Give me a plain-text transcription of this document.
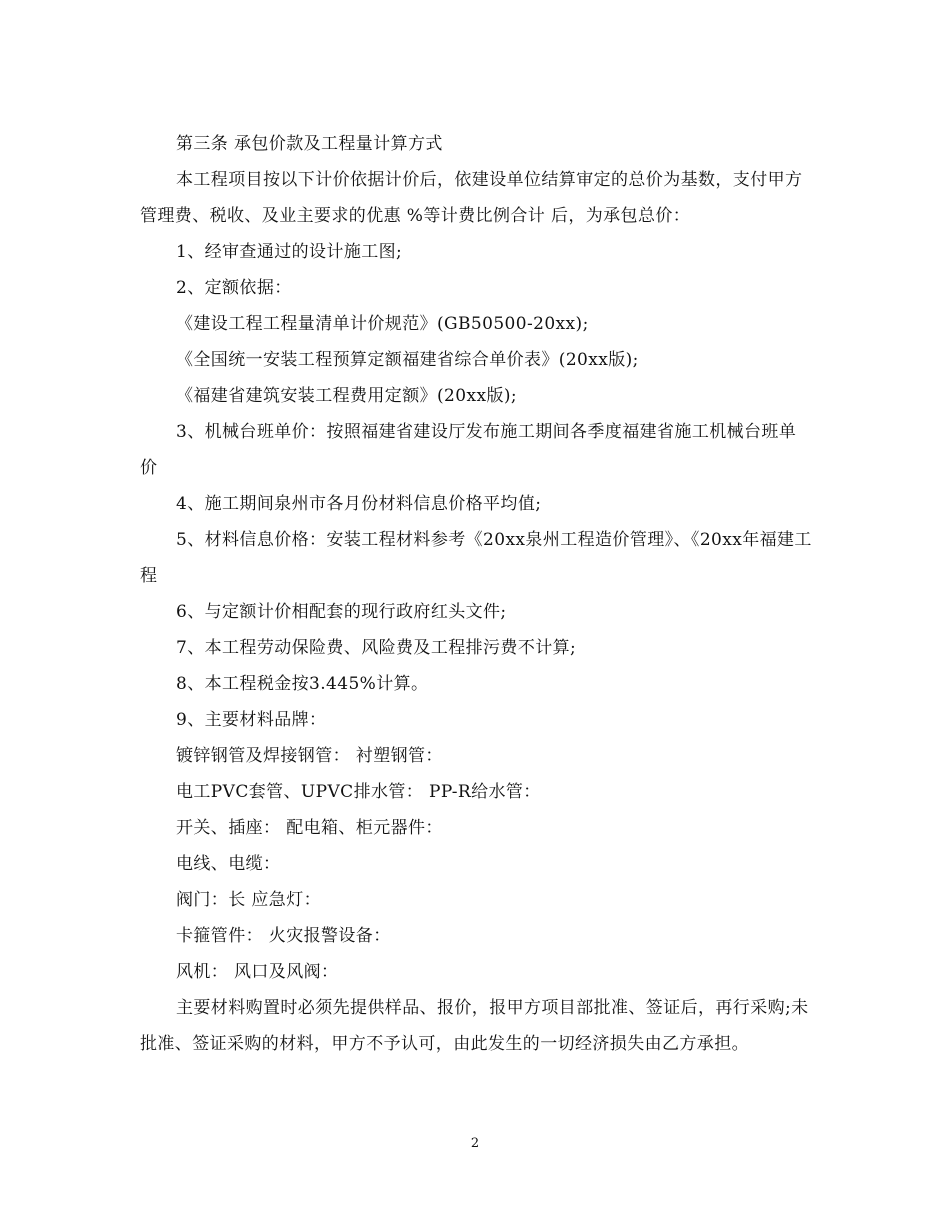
第三条 承包价款及工程量计算方式

本工程项目按以下计价依据计价后，依建设单位结算审定的总价为基数，支付甲方管理费、税收、及业主要求的优惠 %等计费比例合计 后，为承包总价：

1、经审查通过的设计施工图;

2、定额依据：

《建设工程工程量清单计价规范》(GB50500-20xx);

《全国统一安装工程预算定额福建省综合单价表》(20xx版);

《福建省建筑安装工程费用定额》(20xx版);

3、机械台班单价：按照福建省建设厅发布施工期间各季度福建省施工机械台班单价

4、施工期间泉州市各月份材料信息价格平均值;

5、材料信息价格：安装工程材料参考《20xx泉州工程造价管理》、《20xx年福建工程

6、与定额计价相配套的现行政府红头文件;

7、本工程劳动保险费、风险费及工程排污费不计算;

8、本工程税金按3.445%计算。

9、主要材料品牌：

镀锌钢管及焊接钢管： 衬塑钢管：

电工PVC套管、UPVC排水管： PP-R给水管：

开关、插座： 配电箱、柜元器件：

电线、电缆：

阀门：长 应急灯：

卡箍管件： 火灾报警设备：

风机： 风口及风阀：

主要材料购置时必须先提供样品、报价，报甲方项目部批准、签证后，再行采购;未批准、签证采购的材料，甲方不予认可，由此发生的一切经济损失由乙方承担。

2
